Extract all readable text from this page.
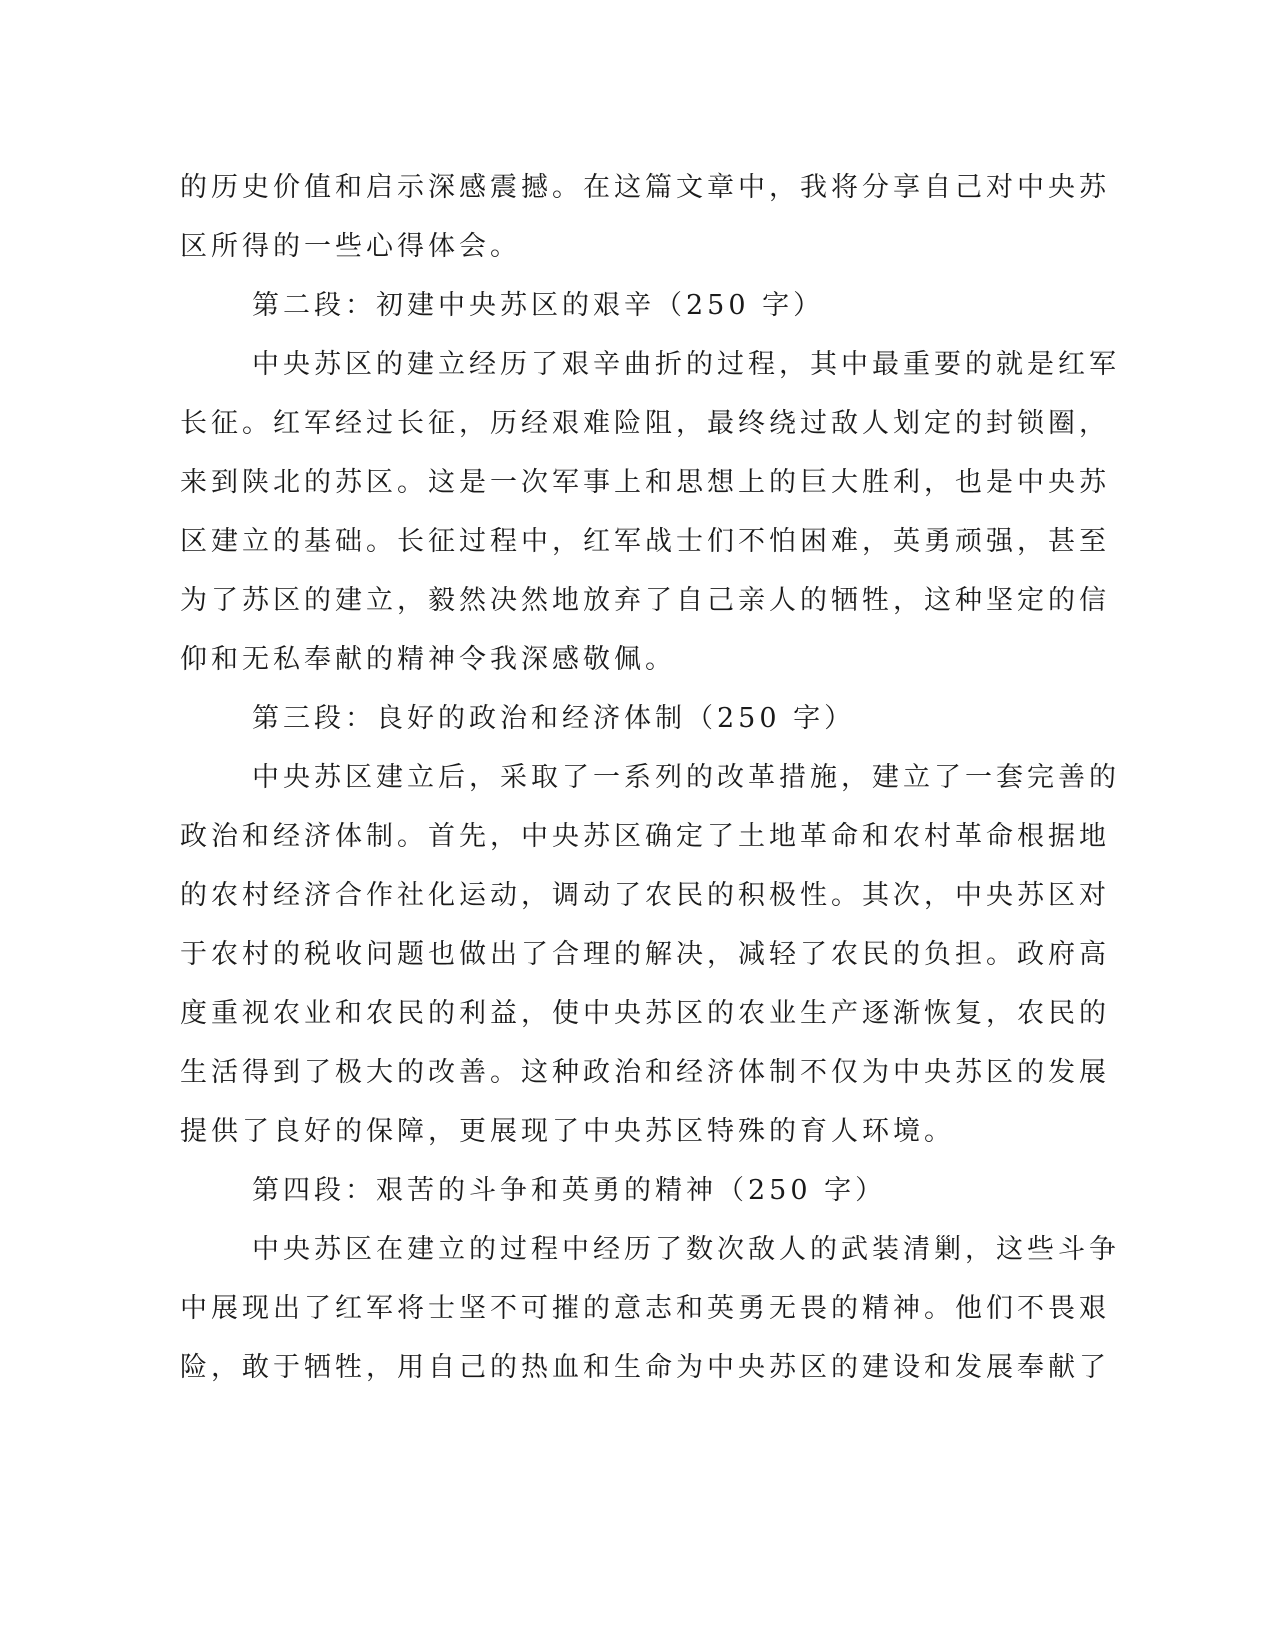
的历史价值和启示深感震撼。在这篇文章中，我将分享自己对中央苏
区所得的一些心得体会。
第二段：初建中央苏区的艰辛（250 字）
中央苏区的建立经历了艰辛曲折的过程，其中最重要的就是红军
长征。红军经过长征，历经艰难险阻，最终绕过敌人划定的封锁圈，
来到陕北的苏区。这是一次军事上和思想上的巨大胜利，也是中央苏
区建立的基础。长征过程中，红军战士们不怕困难，英勇顽强，甚至
为了苏区的建立，毅然决然地放弃了自己亲人的牺牲，这种坚定的信
仰和无私奉献的精神令我深感敬佩。
第三段：良好的政治和经济体制（250 字）
中央苏区建立后，采取了一系列的改革措施，建立了一套完善的
政治和经济体制。首先，中央苏区确定了土地革命和农村革命根据地
的农村经济合作社化运动，调动了农民的积极性。其次，中央苏区对
于农村的税收问题也做出了合理的解决，减轻了农民的负担。政府高
度重视农业和农民的利益，使中央苏区的农业生产逐渐恢复，农民的
生活得到了极大的改善。这种政治和经济体制不仅为中央苏区的发展
提供了良好的保障，更展现了中央苏区特殊的育人环境。
第四段：艰苦的斗争和英勇的精神（250 字）
中央苏区在建立的过程中经历了数次敌人的武装清剿，这些斗争
中展现出了红军将士坚不可摧的意志和英勇无畏的精神。他们不畏艰
险，敢于牺牲，用自己的热血和生命为中央苏区的建设和发展奉献了
